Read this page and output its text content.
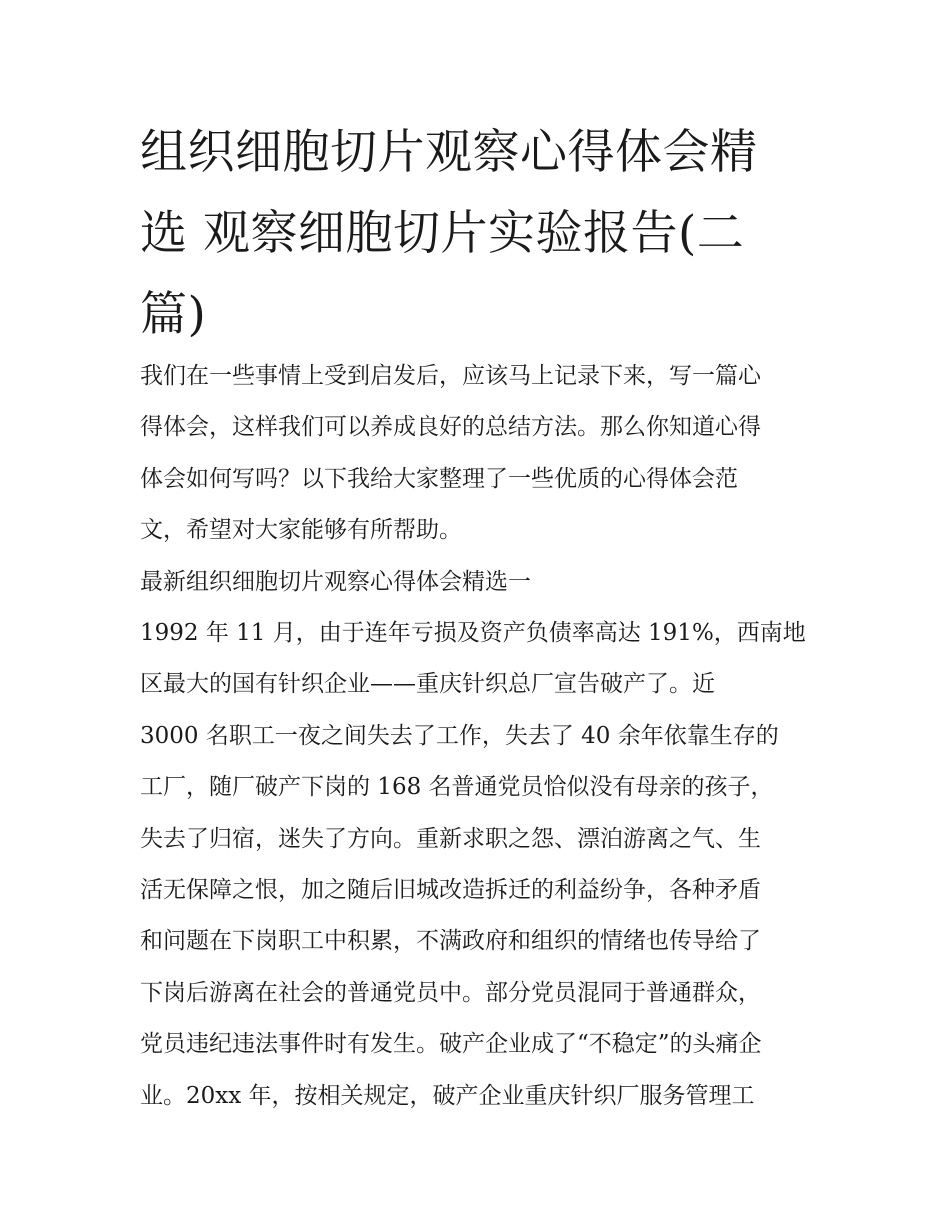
组织细胞切片观察心得体会精
选 观察细胞切片实验报告(二
篇)
我们在一些事情上受到启发后，应该马上记录下来，写一篇心
得体会，这样我们可以养成良好的总结方法。那么你知道心得
体会如何写吗？以下我给大家整理了一些优质的心得体会范
文，希望对大家能够有所帮助。
最新组织细胞切片观察心得体会精选一
1992 年 11 月，由于连年亏损及资产负债率高达 191%，西南地
区最大的国有针织企业——重庆针织总厂宣告破产了。近
3000 名职工一夜之间失去了工作，失去了 40 余年依靠生存的
工厂，随厂破产下岗的 168 名普通党员恰似没有母亲的孩子，
失去了归宿，迷失了方向。重新求职之怨、漂泊游离之气、生
活无保障之恨，加之随后旧城改造拆迁的利益纷争，各种矛盾
和问题在下岗职工中积累，不满政府和组织的情绪也传导给了
下岗后游离在社会的普通党员中。部分党员混同于普通群众，
党员违纪违法事件时有发生。破产企业成了“不稳定”的头痛企
业。20xx 年，按相关规定，破产企业重庆针织厂服务管理工
